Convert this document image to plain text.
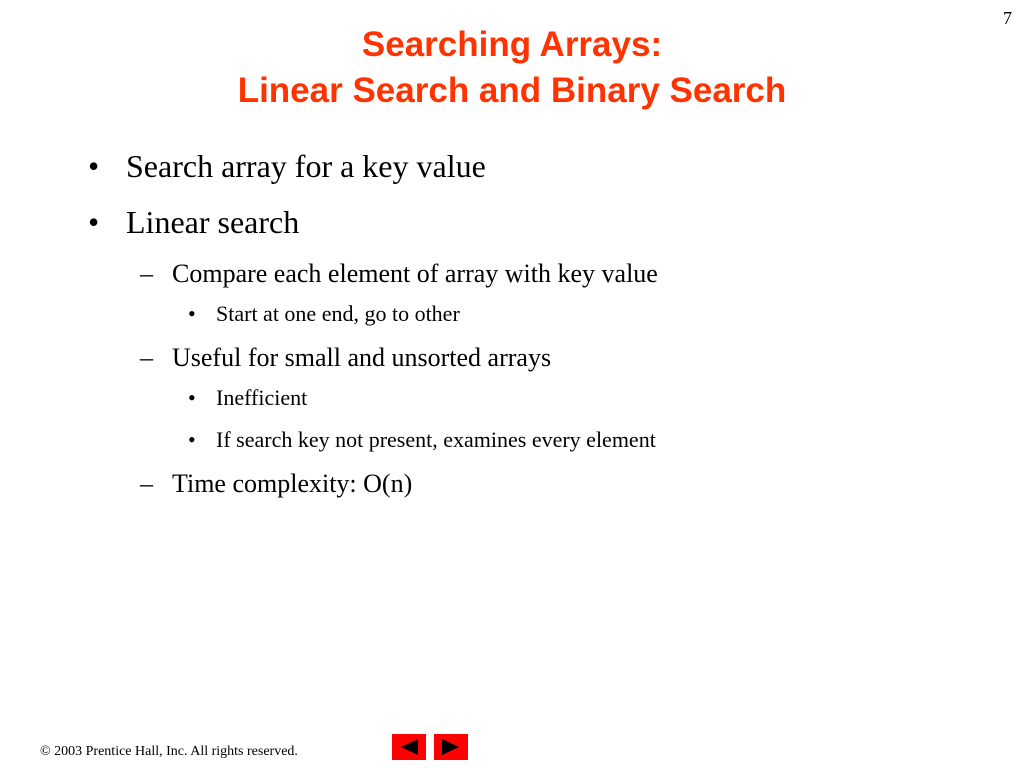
7
Searching Arrays:
Linear Search and Binary Search
• Search array for a key value
• Linear search
– Compare each element of array with key value
• Start at one end, go to other
– Useful for small and unsorted arrays
• Inefficient
• If search key not present, examines every element
– Time complexity: O(n)
© 2003 Prentice Hall, Inc. All rights reserved.
